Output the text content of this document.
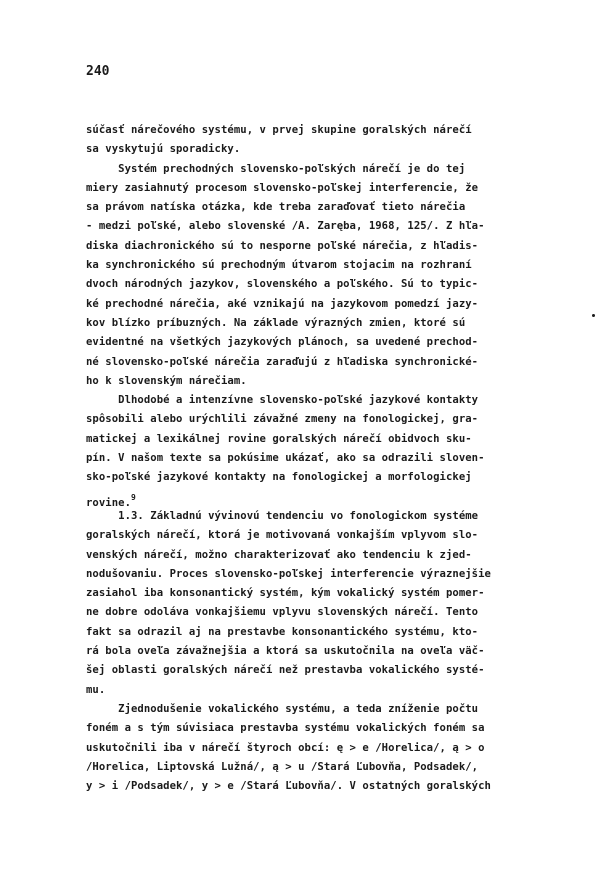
240
súčasť nárečového systému, v prvej skupine goralských nárečí
sa vyskytujú sporadicky.
Systém prechodných slovensko-poľských nárečí je do tej
miery zasiahnutý procesom slovensko-poľskej interferencie, že
sa právom natíska otázka, kde treba zaraďovať tieto nárečia
- medzi poľské, alebo slovenské /A. Zaręba, 1968, 125/. Z hľa-
diska diachronického sú to nesporne poľské nárečia, z hľadis-
ka synchronického sú prechodným útvarom stojacim na rozhraní
dvoch národných jazykov, slovenského a poľského. Sú to typic-
ké prechodné nárečia, aké vznikajú na jazykovom pomedzí jazy-
kov blízko príbuzných. Na základe výrazných zmien, ktoré sú
evidentné na všetkých jazykových plánoch, sa uvedené prechod-
né slovensko-poľské nárečia zaraďujú z hľadiska synchronické-
ho k slovenským nárečiam.
Dlhodobé a intenzívne slovensko-poľské jazykové kontakty
spôsobili alebo urýchlili závažné zmeny na fonologickej, gra-
matickej a lexikálnej rovine goralských nárečí obidvoch sku-
pín. V našom texte sa pokúsime ukázať, ako sa odrazili sloven-
sko-poľské jazykové kontakty na fonologickej a morfologickej
rovine.$^9$
1.3. Základnú vývinovú tendenciu vo fonologickom systéme
goralských nárečí, ktorá je motivovaná vonkajším vplyvom slo-
venských nárečí, možno charakterizovať ako tendenciu k zjed-
nodušovaniu. Proces slovensko-poľskej interferencie výraznejšie
zasiahol iba konsonantický systém, kým vokalický systém pomer-
ne dobre odoláva vonkajšiemu vplyvu slovenských nárečí. Tento
fakt sa odrazil aj na prestavbe konsonantického systému, kto-
rá bola oveľa závažnejšia a ktorá sa uskutočnila na oveľa väč-
šej oblasti goralských nárečí než prestavba vokalického systé-
mu.
Zjednodušenie vokalického systému, a teda zníženie počtu
foném a s tým súvisiaca prestavba systému vokalických foném sa
uskutočnili iba v nárečí štyroch obcí: ę > e /Horelica/, ą > o
/Horelica, Liptovská Lužná/, ą > u /Stará Ľubovňa, Podsadek/,
y > i /Podsadek/, y > e /Stará Ľubovňa/. V ostatných goralských
